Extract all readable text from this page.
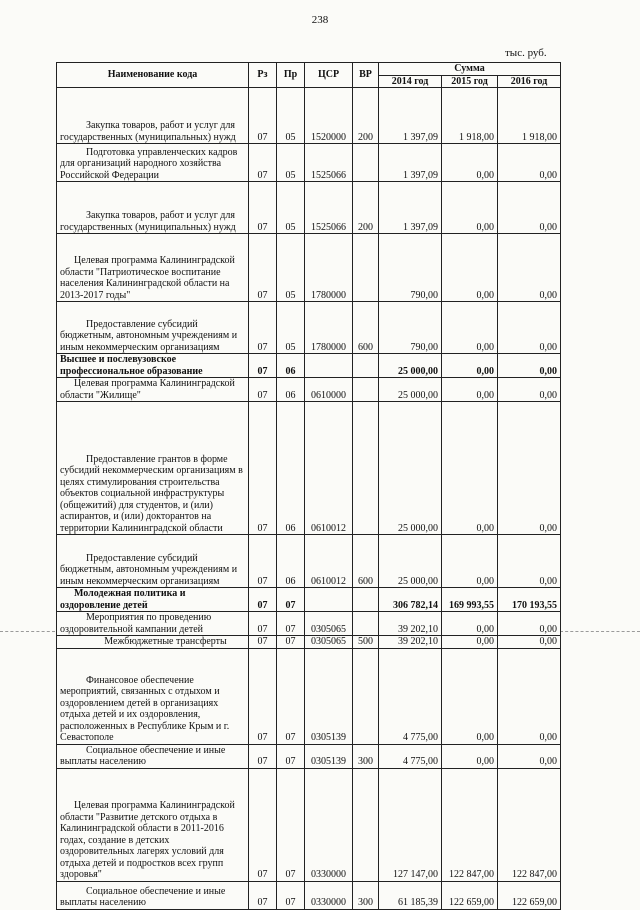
238
тыс. руб.
Наименование кода	Рз	Пр	ЦСР	ВР	Сумма		
					2014 год	2015 год	2016 год
Закупка товаров, работ и услуг для государственных (муниципальных) нужд	07	05	1520000	200	1 397,09	1 918,00	1 918,00
Подготовка управленческих кадров для организаций народного хозяйства Российской Федерации	07	05	1525066		1 397,09	0,00	0,00
Закупка товаров, работ и услуг для государственных (муниципальных) нужд	07	05	1525066	200	1 397,09	0,00	0,00
Целевая программа Калининградской области "Патриотическое воспитание населения Калининградской области на 2013-2017 годы"	07	05	1780000		790,00	0,00	0,00
Предоставление субсидий бюджетным, автономным учреждениям и иным некоммерческим организациям	07	05	1780000	600	790,00	0,00	0,00
Высшее и послевузовское профессиональное образование	07	06			25 000,00	0,00	0,00
Целевая программа Калининградской области "Жилище"	07	06	0610000		25 000,00	0,00	0,00
Предоставление грантов в форме субсидий некоммерческим организациям в целях стимулирования строительства объектов социальной инфраструктуры (общежитий) для студентов, и (или) аспирантов, и (или) докторантов на территории Калининградской области	07	06	0610012		25 000,00	0,00	0,00
Предоставление субсидий бюджетным, автономным учреждениям и иным некоммерческим организациям	07	06	0610012	600	25 000,00	0,00	0,00
Молодежная политика и оздоровление детей	07	07			306 782,14	169 993,55	170 193,55
Мероприятия по проведению оздоровительной кампании детей	07	07	0305065		39 202,10	0,00	0,00
Межбюджетные трансферты	07	07	0305065	500	39 202,10	0,00	0,00
Финансовое обеспечение мероприятий, связанных с отдыхом и оздоровлением детей в организациях отдыха детей и их оздоровления, расположенных в Республике Крым и г. Севастополе	07	07	0305139		4 775,00	0,00	0,00
Социальное обеспечение и иные выплаты населению	07	07	0305139	300	4 775,00	0,00	0,00
Целевая программа Калининградской области "Развитие детского отдыха в Калининградской области в 2011-2016 годах, создание в детских оздоровительных лагерях условий для отдыха детей и подростков всех групп здоровья"	07	07	0330000		127 147,00	122 847,00	122 847,00
Социальное обеспечение и иные выплаты населению	07	07	0330000	300	61 185,39	122 659,00	122 659,00
